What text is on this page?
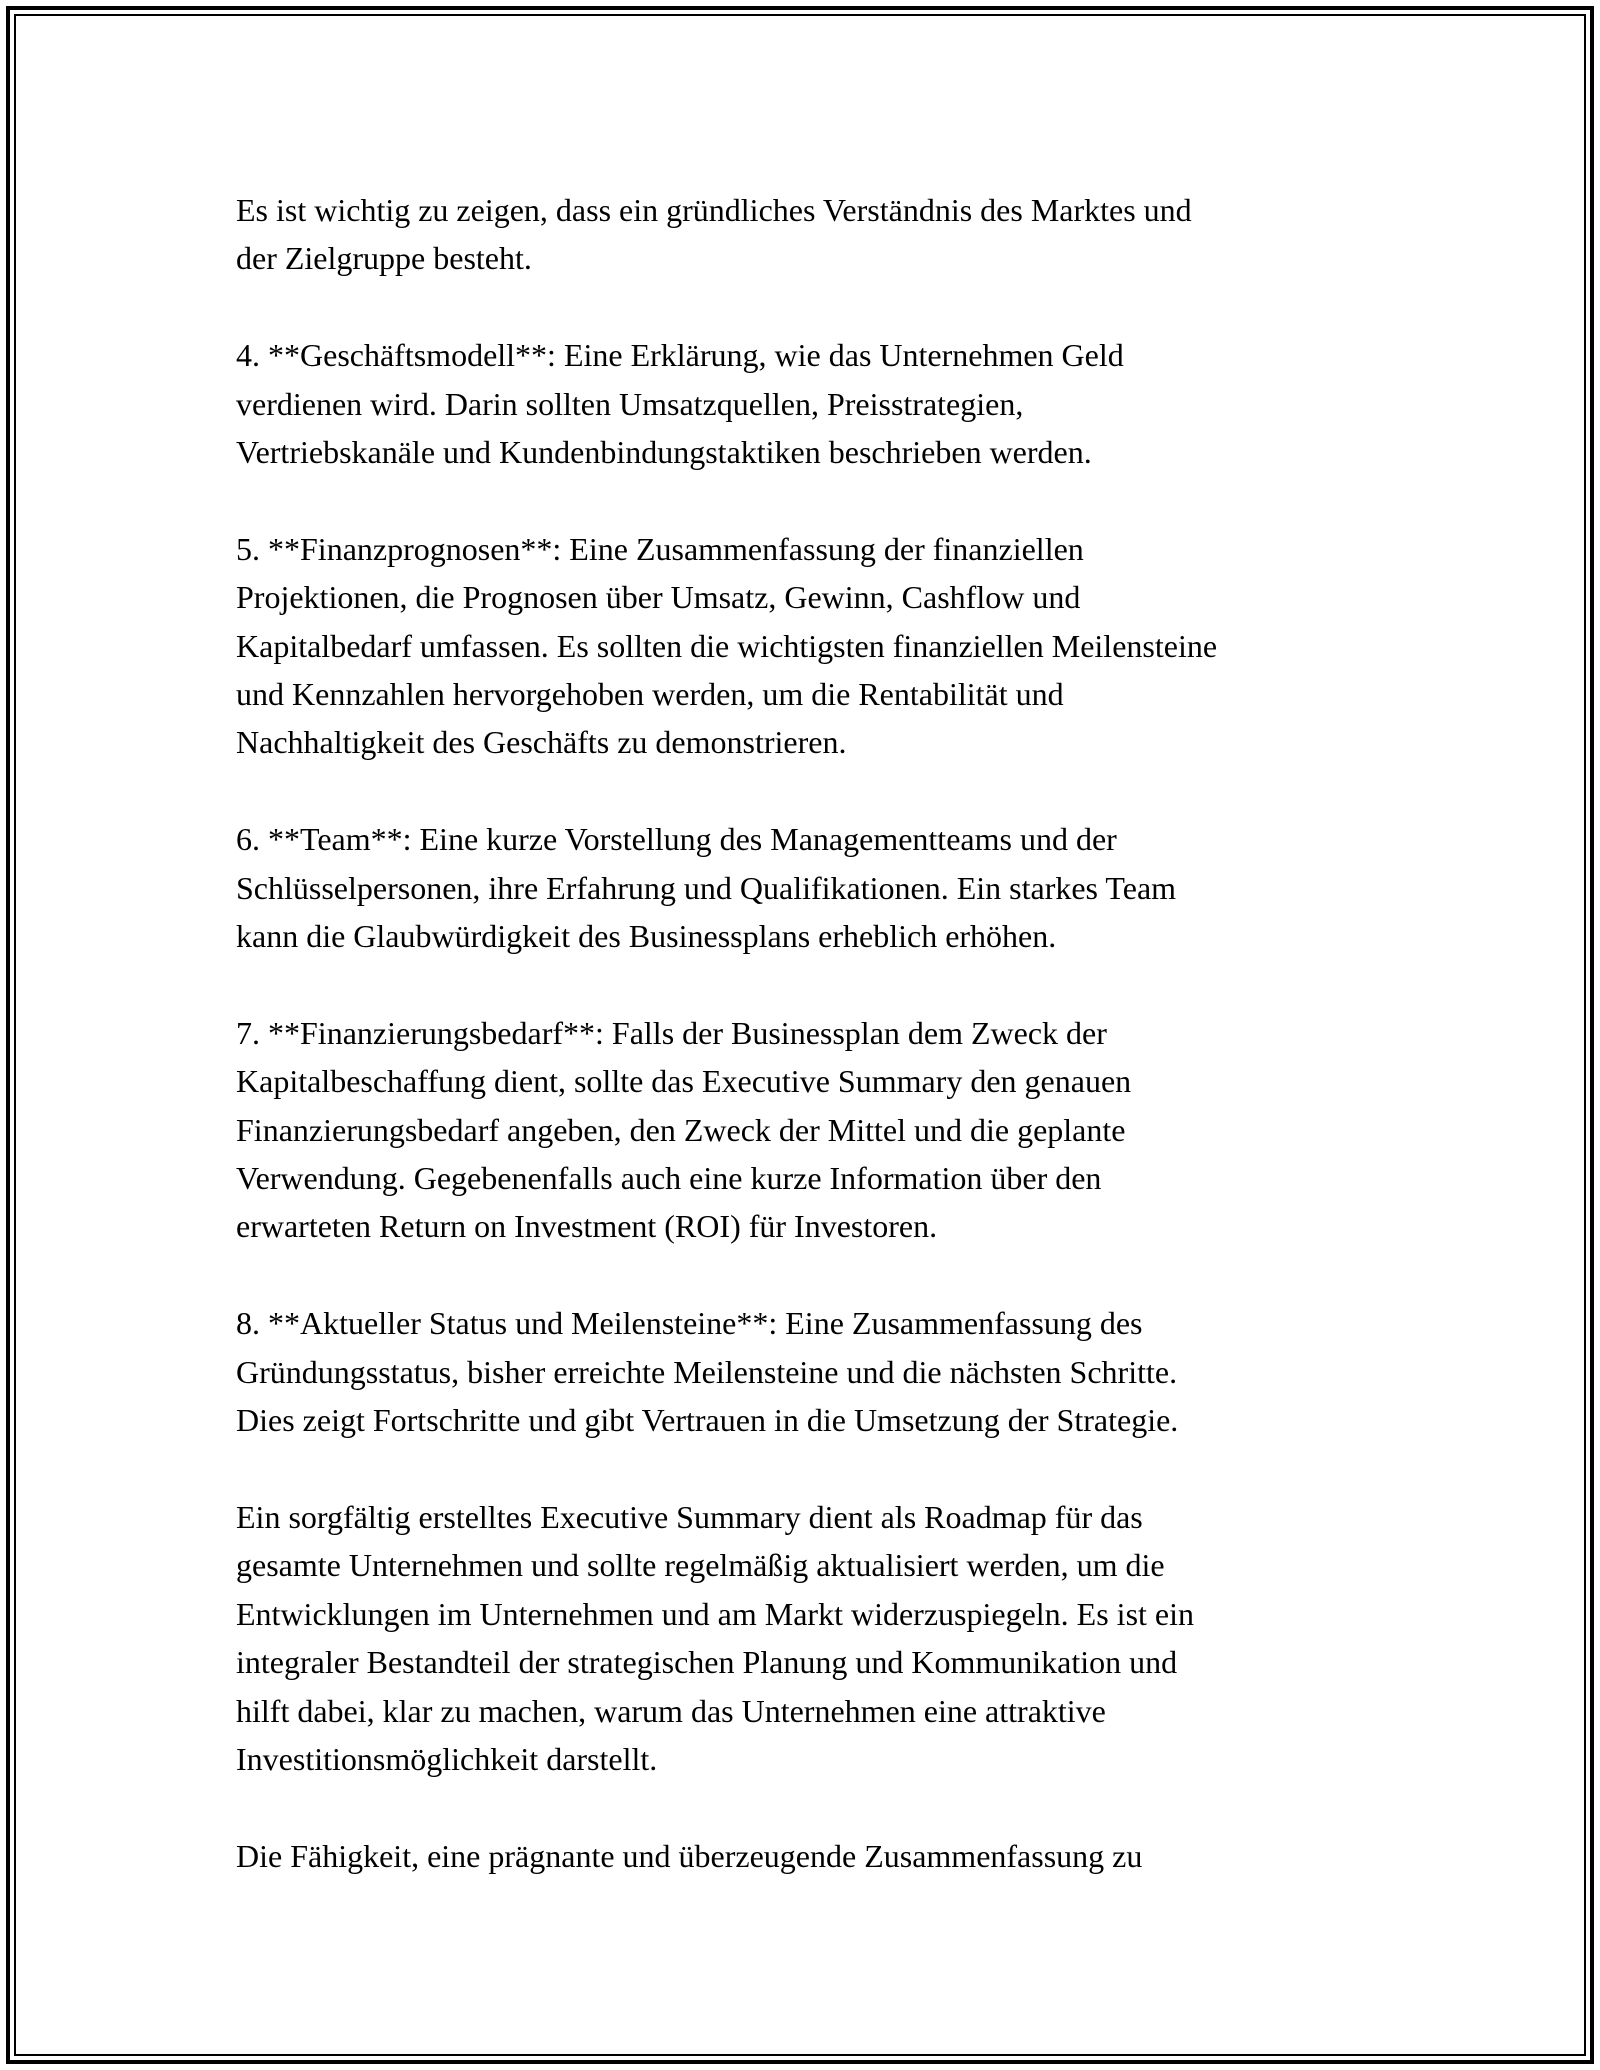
Es ist wichtig zu zeigen, dass ein gründliches Verständnis des Marktes und
der Zielgruppe besteht.

4. **Geschäftsmodell**: Eine Erklärung, wie das Unternehmen Geld
verdienen wird. Darin sollten Umsatzquellen, Preisstrategien,
Vertriebskanäle und Kundenbindungstaktiken beschrieben werden.

5. **Finanzprognosen**: Eine Zusammenfassung der finanziellen
Projektionen, die Prognosen über Umsatz, Gewinn, Cashflow und
Kapitalbedarf umfassen. Es sollten die wichtigsten finanziellen Meilensteine
und Kennzahlen hervorgehoben werden, um die Rentabilität und
Nachhaltigkeit des Geschäfts zu demonstrieren.

6. **Team**: Eine kurze Vorstellung des Managementteams und der
Schlüsselpersonen, ihre Erfahrung und Qualifikationen. Ein starkes Team
kann die Glaubwürdigkeit des Businessplans erheblich erhöhen.

7. **Finanzierungsbedarf**: Falls der Businessplan dem Zweck der
Kapitalbeschaffung dient, sollte das Executive Summary den genauen
Finanzierungsbedarf angeben, den Zweck der Mittel und die geplante
Verwendung. Gegebenenfalls auch eine kurze Information über den
erwarteten Return on Investment (ROI) für Investoren.

8. **Aktueller Status und Meilensteine**: Eine Zusammenfassung des
Gründungsstatus, bisher erreichte Meilensteine und die nächsten Schritte.
Dies zeigt Fortschritte und gibt Vertrauen in die Umsetzung der Strategie.

Ein sorgfältig erstelltes Executive Summary dient als Roadmap für das
gesamte Unternehmen und sollte regelmäßig aktualisiert werden, um die
Entwicklungen im Unternehmen und am Markt widerzuspiegeln. Es ist ein
integraler Bestandteil der strategischen Planung und Kommunikation und
hilft dabei, klar zu machen, warum das Unternehmen eine attraktive
Investitionsmöglichkeit darstellt.

Die Fähigkeit, eine prägnante und überzeugende Zusammenfassung zu
